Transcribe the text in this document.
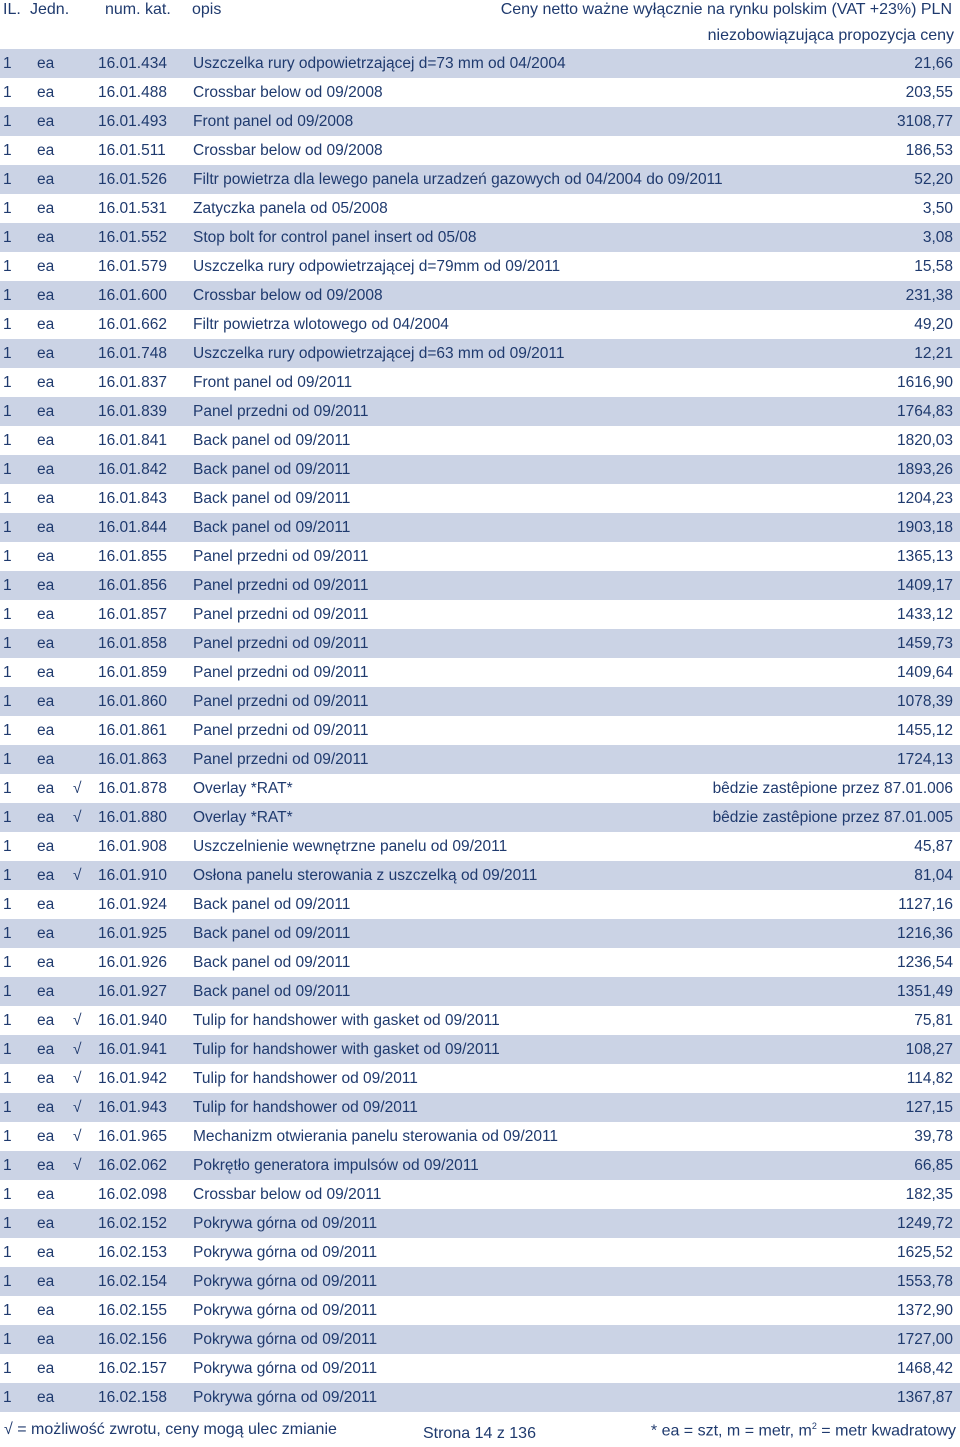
IL. Jedn. num. kat. opis	Ceny netto ważne wyłącznie na rynku polskim (VAT +23%) PLN
niezobowiązująca propozycja ceny
1 ea	16.01.434 Uszczelka rury odpowietrzającej d=73 mm od 04/2004	21,66
1 ea	16.01.488 Crossbar below od 09/2008	203,55
1 ea	16.01.493 Front panel od 09/2008	3108,77
1 ea	16.01.511 Crossbar below od 09/2008	186,53
1 ea	16.01.526 Filtr powietrza dla lewego panela urzadzeń gazowych od 04/2004 do 09/2011	52,20
1 ea	16.01.531 Zatyczka panela od 05/2008	3,50
1 ea	16.01.552 Stop bolt for control panel insert od 05/08	3,08
1 ea	16.01.579 Uszczelka rury odpowietrzającej d=79mm od 09/2011	15,58
1 ea	16.01.600 Crossbar below od 09/2008	231,38
1 ea	16.01.662 Filtr powietrza wlotowego od 04/2004	49,20
1 ea	16.01.748 Uszczelka rury odpowietrzającej d=63 mm od 09/2011	12,21
1 ea	16.01.837 Front panel od 09/2011	1616,90
1 ea	16.01.839 Panel przedni od 09/2011	1764,83
1 ea	16.01.841 Back panel od 09/2011	1820,03
1 ea	16.01.842 Back panel od 09/2011	1893,26
1 ea	16.01.843 Back panel od 09/2011	1204,23
1 ea	16.01.844 Back panel od 09/2011	1903,18
1 ea	16.01.855 Panel przedni od 09/2011	1365,13
1 ea	16.01.856 Panel przedni od 09/2011	1409,17
1 ea	16.01.857 Panel przedni od 09/2011	1433,12
1 ea	16.01.858 Panel przedni od 09/2011	1459,73
1 ea	16.01.859 Panel przedni od 09/2011	1409,64
1 ea	16.01.860 Panel przedni od 09/2011	1078,39
1 ea	16.01.861 Panel przedni od 09/2011	1455,12
1 ea	16.01.863 Panel przedni od 09/2011	1724,13
1 ea √ 16.01.878 Overlay *RAT*	bêdzie zastêpione przez 87.01.006
1 ea √ 16.01.880 Overlay *RAT*	bêdzie zastêpione przez 87.01.005
1 ea	16.01.908 Uszczelnienie wewnętrzne panelu od 09/2011	45,87
1 ea √ 16.01.910 Osłona panelu sterowania z uszczelką od 09/2011	81,04
1 ea	16.01.924 Back panel od 09/2011	1127,16
1 ea	16.01.925 Back panel od 09/2011	1216,36
1 ea	16.01.926 Back panel od 09/2011	1236,54
1 ea	16.01.927 Back panel od 09/2011	1351,49
1 ea √ 16.01.940 Tulip for handshower with gasket od 09/2011	75,81
1 ea √ 16.01.941 Tulip for handshower with gasket od 09/2011	108,27
1 ea √ 16.01.942 Tulip for handshower od 09/2011	114,82
1 ea √ 16.01.943 Tulip for handshower od 09/2011	127,15
1 ea √ 16.01.965 Mechanizm otwierania panelu sterowania od 09/2011	39,78
1 ea √ 16.02.062 Pokrętło generatora impulsów od 09/2011	66,85
1 ea	16.02.098 Crossbar below od 09/2011	182,35
1 ea	16.02.152 Pokrywa górna od 09/2011	1249,72
1 ea	16.02.153 Pokrywa górna od 09/2011	1625,52
1 ea	16.02.154 Pokrywa górna od 09/2011	1553,78
1 ea	16.02.155 Pokrywa górna od 09/2011	1372,90
1 ea	16.02.156 Pokrywa górna od 09/2011	1727,00
1 ea	16.02.157 Pokrywa górna od 09/2011	1468,42
1 ea	16.02.158 Pokrywa górna od 09/2011	1367,87
√ = możliwość zwrotu, ceny mogą ulec zmianie	Strona 14 z 136	* ea = szt, m = metr, $m^2$ = metr kwadratowy
